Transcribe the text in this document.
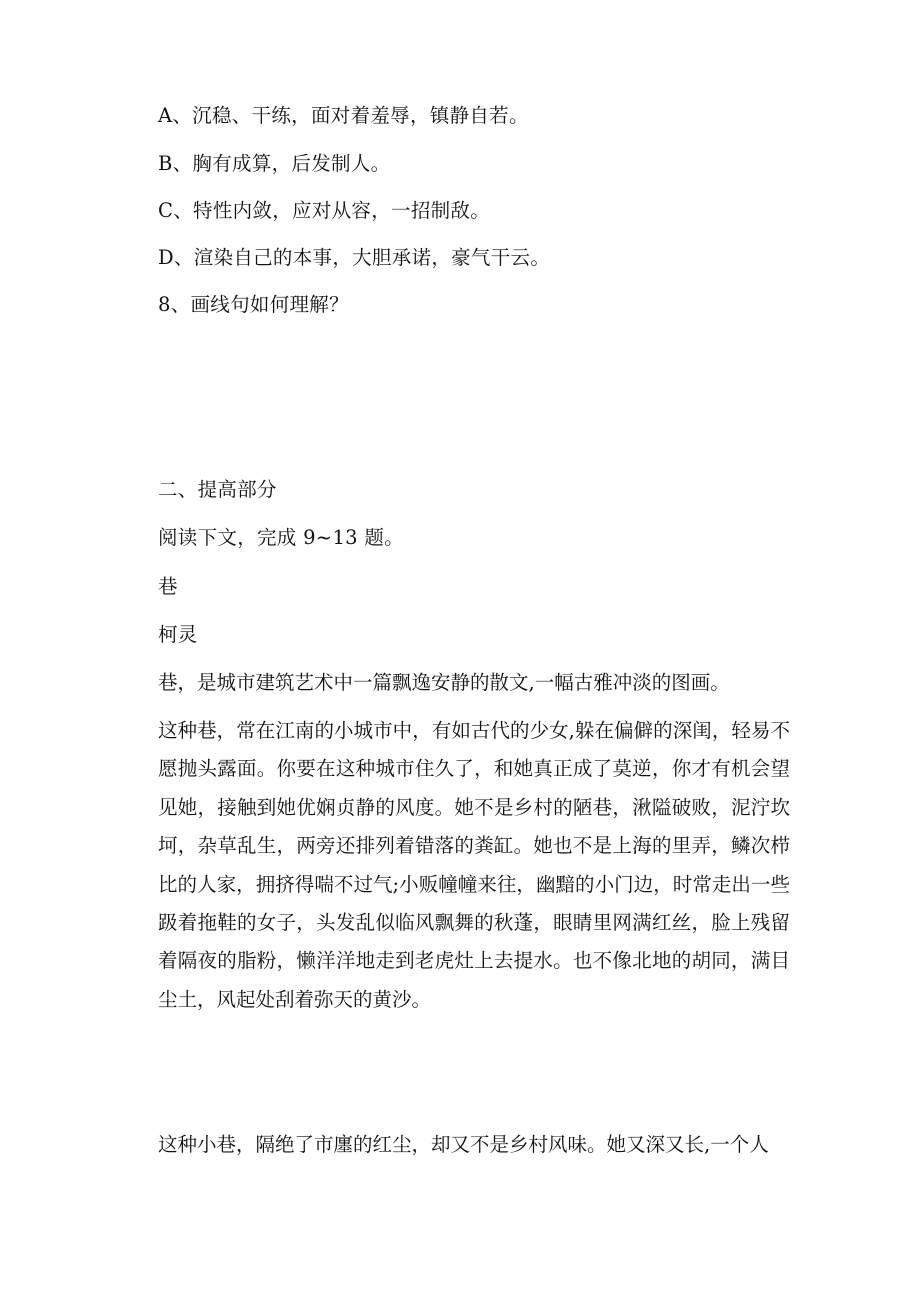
A、沉稳、干练，面对着羞辱，镇静自若。
B、胸有成算，后发制人。
C、特性内敛，应对从容，一招制敌。
D、渲染自己的本事，大胆承诺，豪气干云。
8、画线句如何理解？
二、提高部分
阅读下文，完成 9~13 题。
巷
柯灵
巷，是城市建筑艺术中一篇飘逸安静的散文,一幅古雅冲淡的图画。
这种巷，常在江南的小城市中，有如古代的少女,躲在偏僻的深闺，轻易不愿抛头露面。你要在这种城市住久了，和她真正成了莫逆，你才有机会望见她，接触到她优娴贞静的风度。她不是乡村的陋巷，湫隘破败，泥泞坎坷，杂草乱生，两旁还排列着错落的粪缸。她也不是上海的里弄，鳞次栉比的人家，拥挤得喘不过气;小贩幢幢来往，幽黯的小门边，时常走出一些趿着拖鞋的女子，头发乱似临风飘舞的秋蓬，眼睛里网满红丝，脸上残留着隔夜的脂粉，懒洋洋地走到老虎灶上去提水。也不像北地的胡同，满目尘土，风起处刮着弥天的黄沙。
这种小巷，隔绝了市廛的红尘，却又不是乡村风味。她又深又长,一个人
